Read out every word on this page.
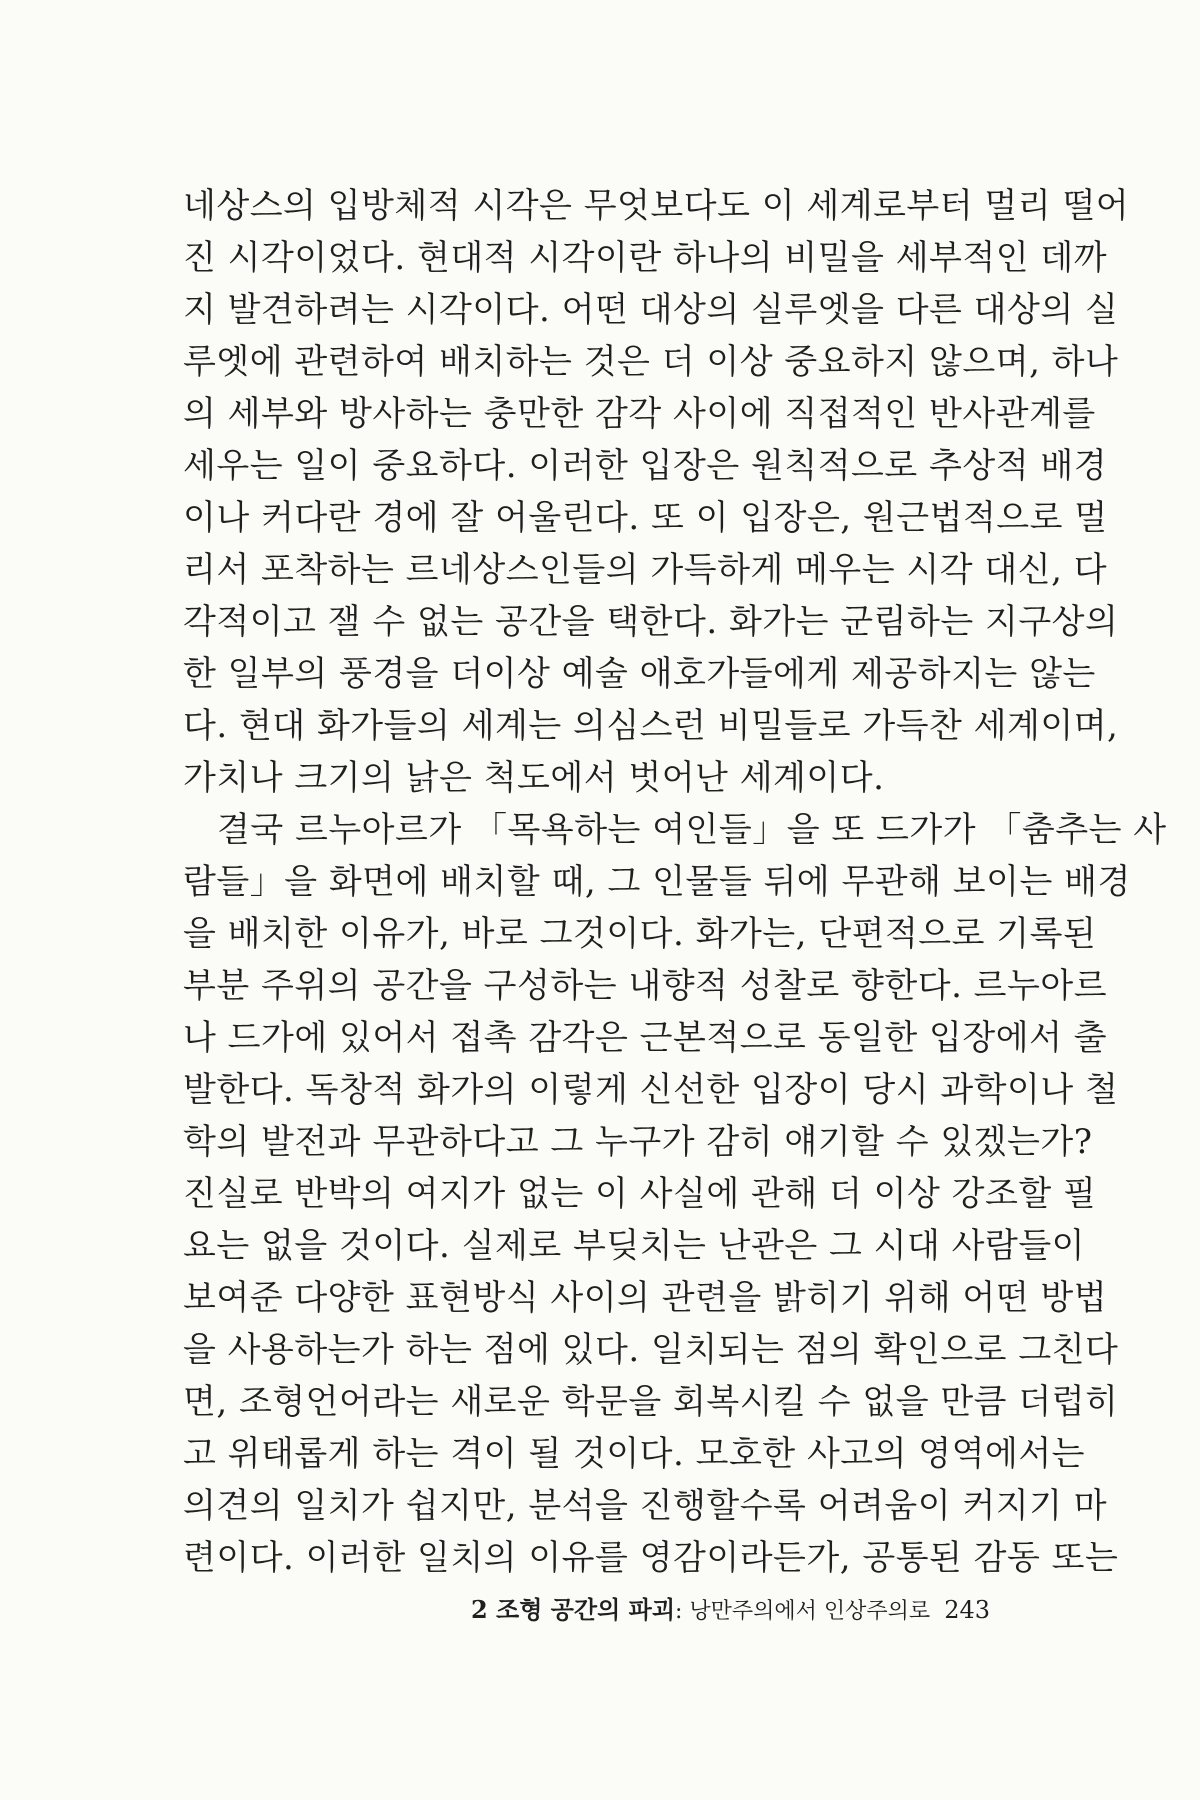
네상스의 입방체적 시각은 무엇보다도 이 세계로부터 멀리 떨어
진 시각이었다. 현대적 시각이란 하나의 비밀을 세부적인 데까
지 발견하려는 시각이다. 어떤 대상의 실루엣을 다른 대상의 실
루엣에 관련하여 배치하는 것은 더 이상 중요하지 않으며, 하나
의 세부와 방사하는 충만한 감각 사이에 직접적인 반사관계를
세우는 일이 중요하다. 이러한 입장은 원칙적으로 추상적 배경
이나 커다란 경에 잘 어울린다. 또 이 입장은, 원근법적으로 멀
리서 포착하는 르네상스인들의 가득하게 메우는 시각 대신, 다
각적이고 잴 수 없는 공간을 택한다. 화가는 군림하는 지구상의
한 일부의 풍경을 더이상 예술 애호가들에게 제공하지는 않는
다. 현대 화가들의 세계는 의심스런 비밀들로 가득찬 세계이며,
가치나 크기의 낡은 척도에서 벗어난 세계이다.
결국 르누아르가 「목욕하는 여인들」을 또 드가가 「춤추는 사
람들」을 화면에 배치할 때, 그 인물들 뒤에 무관해 보이는 배경
을 배치한 이유가, 바로 그것이다. 화가는, 단편적으로 기록된
부분 주위의 공간을 구성하는 내향적 성찰로 향한다. 르누아르
나 드가에 있어서 접촉 감각은 근본적으로 동일한 입장에서 출
발한다. 독창적 화가의 이렇게 신선한 입장이 당시 과학이나 철
학의 발전과 무관하다고 그 누구가 감히 얘기할 수 있겠는가?
진실로 반박의 여지가 없는 이 사실에 관해 더 이상 강조할 필
요는 없을 것이다. 실제로 부딪치는 난관은 그 시대 사람들이
보여준 다양한 표현방식 사이의 관련을 밝히기 위해 어떤 방법
을 사용하는가 하는 점에 있다. 일치되는 점의 확인으로 그친다
면, 조형언어라는 새로운 학문을 회복시킬 수 없을 만큼 더럽히
고 위태롭게 하는 격이 될 것이다. 모호한 사고의 영역에서는
의견의 일치가 쉽지만, 분석을 진행할수록 어려움이 커지기 마
련이다. 이러한 일치의 이유를 영감이라든가, 공통된 감동 또는
2 조형 공간의 파괴: 낭만주의에서 인상주의로 243
